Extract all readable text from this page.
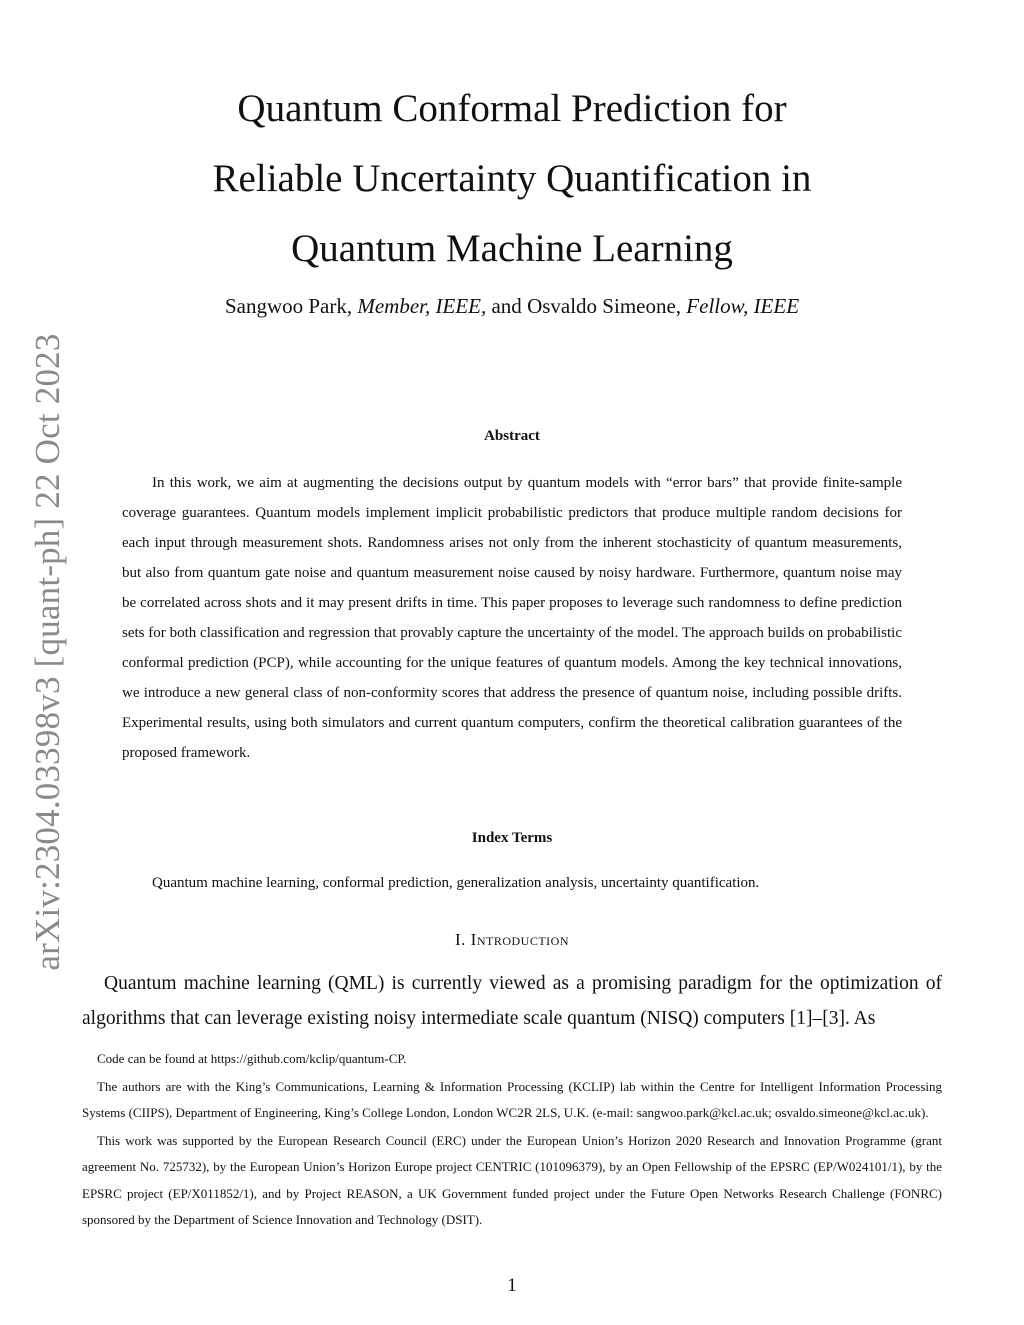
arXiv:2304.03398v3 [quant-ph] 22 Oct 2023
Quantum Conformal Prediction for
Reliable Uncertainty Quantification in
Quantum Machine Learning

Sangwoo Park, Member, IEEE, and Osvaldo Simeone, Fellow, IEEE

Abstract

In this work, we aim at augmenting the decisions output by quantum models with “error bars” that provide finite-sample coverage guarantees. Quantum models implement implicit probabilistic predictors that produce multiple random decisions for each input through measurement shots. Randomness arises not only from the inherent stochasticity of quantum measurements, but also from quantum gate noise and quantum measurement noise caused by noisy hardware. Furthermore, quantum noise may be correlated across shots and it may present drifts in time. This paper proposes to leverage such randomness to define prediction sets for both classification and regression that provably capture the uncertainty of the model. The approach builds on probabilistic conformal prediction (PCP), while accounting for the unique features of quantum models. Among the key technical innovations, we introduce a new general class of non-conformity scores that address the presence of quantum noise, including possible drifts. Experimental results, using both simulators and current quantum computers, confirm the theoretical calibration guarantees of the proposed framework.

Index Terms

Quantum machine learning, conformal prediction, generalization analysis, uncertainty quantification.

I. Introduction

Quantum machine learning (QML) is currently viewed as a promising paradigm for the optimization of algorithms that can leverage existing noisy intermediate scale quantum (NISQ) computers [1]–[3]. As

Code can be found at https://github.com/kclip/quantum-CP.

The authors are with the King’s Communications, Learning & Information Processing (KCLIP) lab within the Centre for Intelligent Information Processing Systems (CIIPS), Department of Engineering, King’s College London, London WC2R 2LS, U.K. (e-mail: sangwoo.park@kcl.ac.uk; osvaldo.simeone@kcl.ac.uk).

This work was supported by the European Research Council (ERC) under the European Union’s Horizon 2020 Research and Innovation Programme (grant agreement No. 725732), by the European Union’s Horizon Europe project CENTRIC (101096379), by an Open Fellowship of the EPSRC (EP/W024101/1), by the EPSRC project (EP/X011852/1), and by Project REASON, a UK Government funded project under the Future Open Networks Research Challenge (FONRC) sponsored by the Department of Science Innovation and Technology (DSIT).

1
